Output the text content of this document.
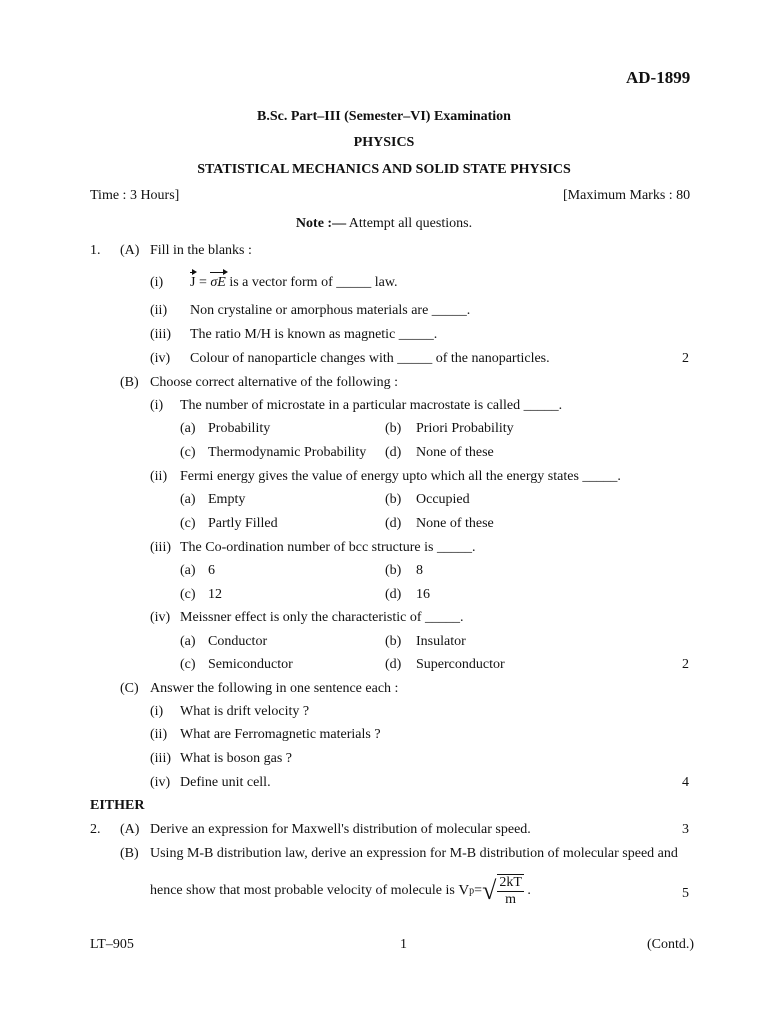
AD-1899
B.Sc. Part–III (Semester–VI) Examination
PHYSICS
STATISTICAL MECHANICS AND SOLID STATE PHYSICS
Time : 3 Hours]	[Maximum Marks : 80
Note :— Attempt all questions.
1. (A) Fill in the blanks :
(i) J = σE is a vector form of _____ law.
(ii) Non crystaline or amorphous materials are _____.
(iii) The ratio M/H is known as magnetic _____.
(iv) Colour of nanoparticle changes with _____ of the nanoparticles.	2
(B) Choose correct alternative of the following :
(i) The number of microstate in a particular macrostate is called _____.
(a) Probability	(b) Priori Probability
(c) Thermodynamic Probability (d) None of these
(ii) Fermi energy gives the value of energy upto which all the energy states _____.
(a) Empty	(b) Occupied
(c) Partly Filled	(d) None of these
(iii) The Co-ordination number of bcc structure is _____.
(a) 6	(b) 8
(c) 12	(d) 16
(iv) Meissner effect is only the characteristic of _____.
(a) Conductor	(b) Insulator
(c) Semiconductor	(d) Superconductor	2
(C) Answer the following in one sentence each :
(i) What is drift velocity ?
(ii) What are Ferromagnetic materials ?
(iii) What is boson gas ?
(iv) Define unit cell.	4
EITHER
2. (A) Derive an expression for Maxwell's distribution of molecular speed.	3
(B) Using M-B distribution law, derive an expression for M-B distribution of molecular speed and
hence show that most probable velocity of molecule is $Vp=√ \frac{2kT}{m}$ .	5
LT–905	1	(Contd.)
